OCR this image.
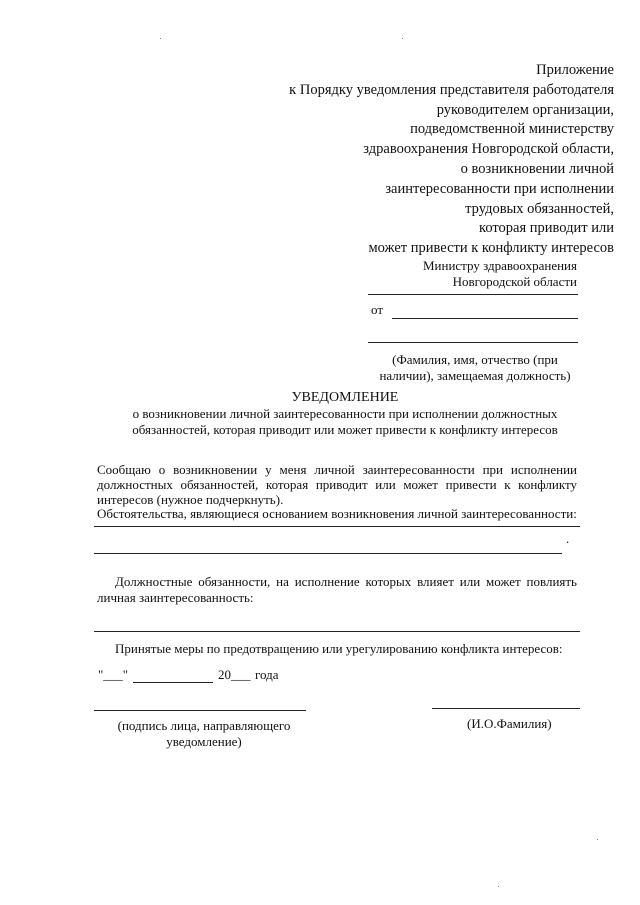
Приложение
к Порядку уведомления представителя работодателя
руководителем организации,
подведомственной министерству
здравоохранения Новгородской области,
о возникновении личной
заинтересованности при исполнении
трудовых обязанностей,
которая приводит или
может привести к конфликту интересов
Министру здравоохранения
Новгородской области
от
(Фамилия, имя, отчество (при
наличии), замещаемая должность)
УВЕДОМЛЕНИЕ
о возникновении личной заинтересованности при исполнении должностных
обязанностей, которая приводит или может привести к конфликту интересов
Сообщаю о возникновении у меня личной заинтересованности при исполнении
должностных обязанностей, которая приводит или может привести к конфликту
интересов (нужное подчеркнуть).
Обстоятельства, являющиеся основанием возникновения личной заинтересованности:
.
Должностные обязанности, на исполнение которых влияет или может повлиять
личная заинтересованность:
Принятые меры по предотвращению или урегулированию конфликта интересов:
"___"	20___ года
(подпись лица, направляющего
уведомление)
(И.О.Фамилия)
